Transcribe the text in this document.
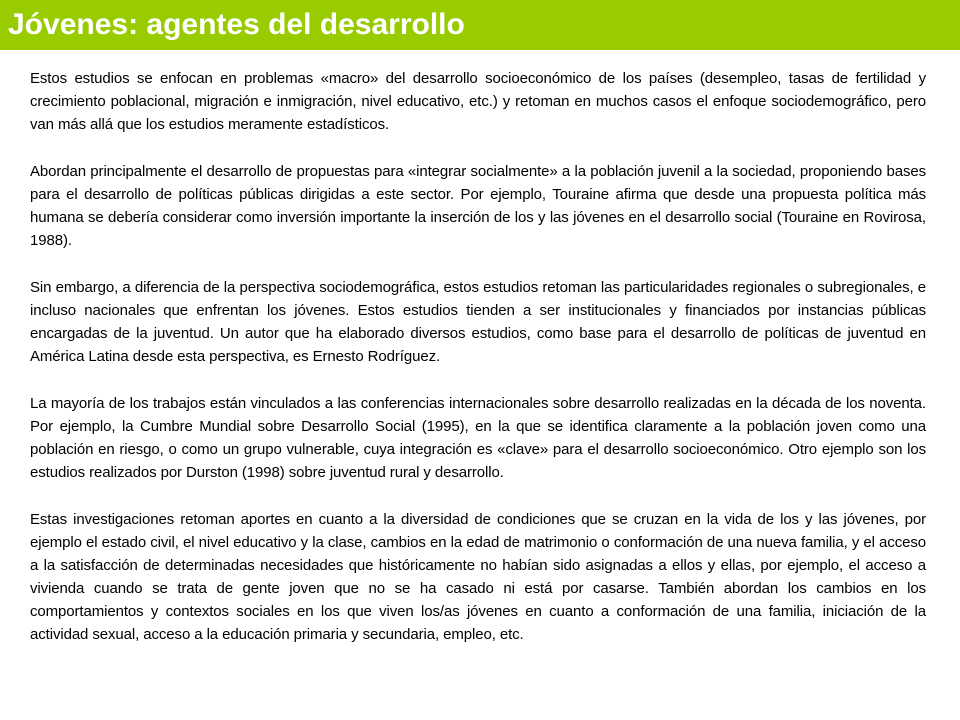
Jóvenes: agentes del desarrollo

Estos estudios se enfocan en problemas «macro» del desarrollo socioeconómico de los países (desempleo, tasas de fertilidad y crecimiento poblacional, migración e inmigración, nivel educativo, etc.) y retoman en muchos casos el enfoque sociodemográfico, pero van más allá que los estudios meramente estadísticos.

Abordan principalmente el desarrollo de propuestas para «integrar socialmente» a la población juvenil a la sociedad, proponiendo bases para el desarrollo de políticas públicas dirigidas a este sector. Por ejemplo, Touraine afirma que desde una propuesta política más humana se debería considerar como inversión importante la inserción de los y las jóvenes en el desarrollo social (Touraine en Rovirosa, 1988).

Sin embargo, a diferencia de la perspectiva sociodemográfica, estos estudios retoman las particularidades regionales o subregionales, e incluso nacionales que enfrentan los jóvenes. Estos estudios tienden a ser institucionales y financiados por instancias públicas encargadas de la juventud. Un autor que ha elaborado diversos estudios, como base para el desarrollo de políticas de juventud en América Latina desde esta perspectiva, es Ernesto Rodríguez.

La mayoría de los trabajos están vinculados a las conferencias internacionales sobre desarrollo realizadas en la década de los noventa. Por ejemplo, la Cumbre Mundial sobre Desarrollo Social (1995), en la que se identifica claramente a la población joven como una población en riesgo, o como un grupo vulnerable, cuya integración es «clave» para el desarrollo socioeconómico. Otro ejemplo son los estudios realizados por Durston (1998) sobre juventud rural y desarrollo.

Estas investigaciones retoman aportes en cuanto a la diversidad de condiciones que se cruzan en la vida de los y las jóvenes, por ejemplo el estado civil, el nivel educativo y la clase, cambios en la edad de matrimonio o conformación de una nueva familia, y el acceso a la satisfacción de determinadas necesidades que históricamente no habían sido asignadas a ellos y ellas, por ejemplo, el acceso a vivienda cuando se trata de gente joven que no se ha casado ni está por casarse. También abordan los cambios en los comportamientos y contextos sociales en los que viven los/as jóvenes en cuanto a conformación de una familia, iniciación de la actividad sexual, acceso a la educación primaria y secundaria, empleo, etc.
